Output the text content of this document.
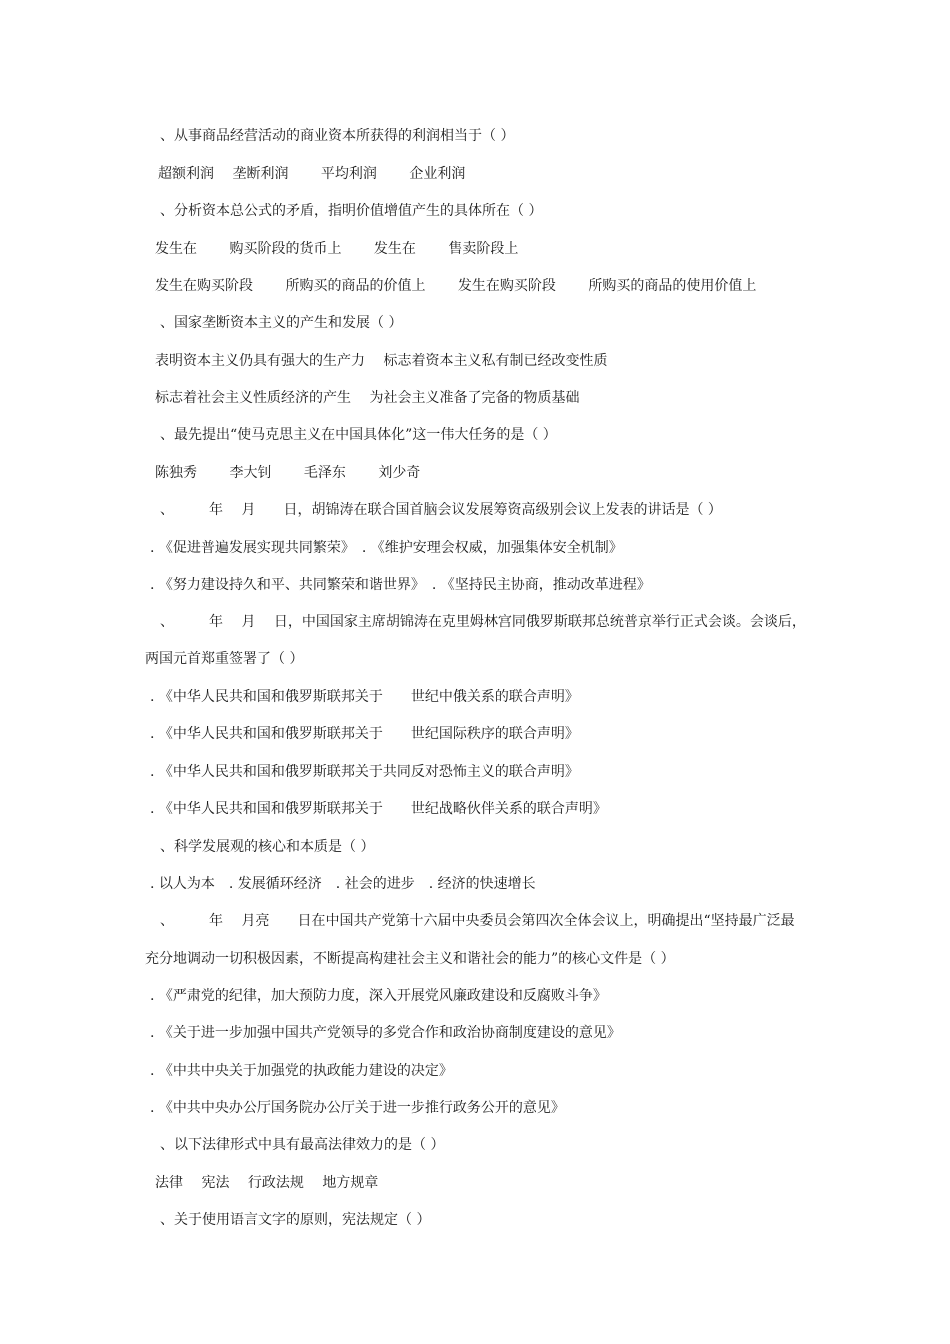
、从事商品经营活动的商业资本所获得的利润相当于（ ）
超额利润　 垄断利润　　 平均利润　　 企业利润
、分析资本总公式的矛盾，指明价值增值产生的具体所在（ ）
发生在　　 购买阶段的货币上　　 发生在　　 售卖阶段上
发生在购买阶段　　 所购买的商品的价值上　　 发生在购买阶段　　 所购买的商品的使用价值上
、国家垄断资本主义的产生和发展（ ）
表明资本主义仍具有强大的生产力　 标志着资本主义私有制已经改变性质
标志着社会主义性质经济的产生　 为社会主义准备了完备的物质基础
、最先提出“使马克思主义在中国具体化”这一伟大任务的是（ ）
陈独秀　　 李大钊　　 毛泽东　　 刘少奇
、　　　年　 月　　日，胡锦涛在联合国首脑会议发展筹资高级别会议上发表的讲话是（ ）
. 《促进普遍发展实现共同繁荣》　. 《维护安理会权威，加强集体安全机制》
. 《努力建设持久和平、共同繁荣和谐世界》　. 《坚持民主协商，推动改革进程》
、　　　年　 月　 日，中国国家主席胡锦涛在克里姆林宫同俄罗斯联邦总统普京举行正式会谈。会谈后，
两国元首郑重签署了（ ）
. 《中华人民共和国和俄罗斯联邦关于　　世纪中俄关系的联合声明》
. 《中华人民共和国和俄罗斯联邦关于　　世纪国际秩序的联合声明》
. 《中华人民共和国和俄罗斯联邦关于共同反对恐怖主义的联合声明》
. 《中华人民共和国和俄罗斯联邦关于　　世纪战略伙伴关系的联合声明》
、科学发展观的核心和本质是（ ）
. 以人为本　. 发展循环经济　. 社会的进步　. 经济的快速增长
、　　　年　 月亮　　日在中国共产党第十六届中央委员会第四次全体会议上，明确提出“坚持最广泛最
充分地调动一切积极因素，不断提高构建社会主义和谐社会的能力”的核心文件是（ ）
. 《严肃党的纪律，加大预防力度，深入开展党风廉政建设和反腐败斗争》
. 《关于进一步加强中国共产党领导的多党合作和政治协商制度建设的意见》
. 《中共中央关于加强党的执政能力建设的决定》
. 《中共中央办公厅国务院办公厅关于进一步推行政务公开的意见》
、以下法律形式中具有最高法律效力的是（ ）
法律　 宪法　 行政法规　 地方规章
、关于使用语言文字的原则，宪法规定（ ）
